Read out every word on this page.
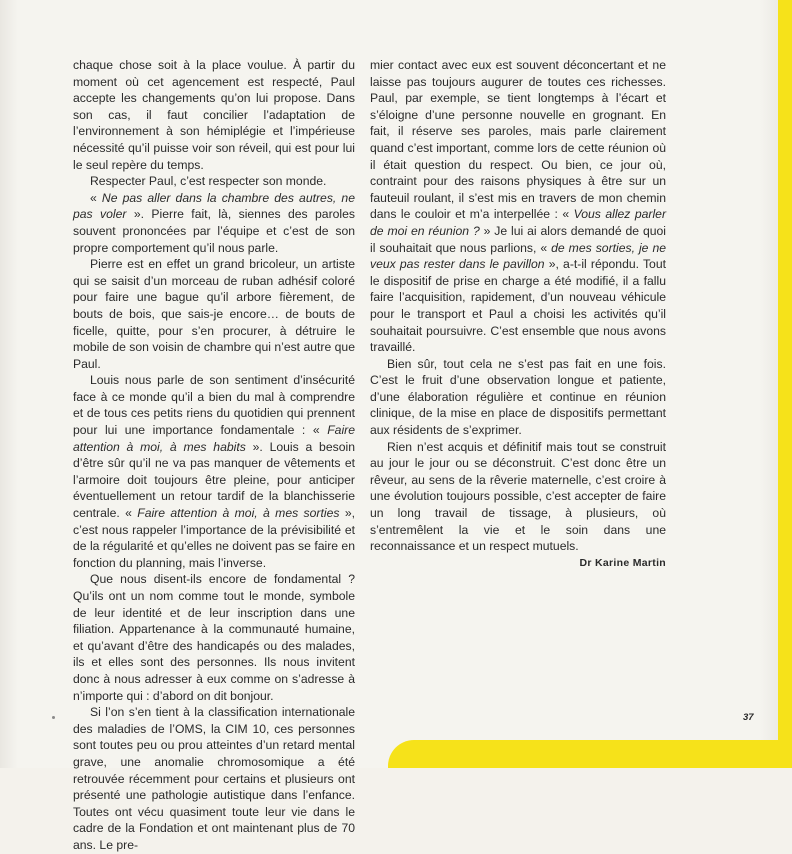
chaque chose soit à la place voulue. À partir du moment où cet agencement est respecté, Paul accepte les changements qu’on lui propose. Dans son cas, il faut concilier l’adaptation de l’environnement à son hémiplégie et l’impérieuse nécessité qu’il puisse voir son réveil, qui est pour lui le seul repère du temps.

Respecter Paul, c’est respecter son monde.

« Ne pas aller dans la chambre des autres, ne pas voler ». Pierre fait, là, siennes des paroles souvent prononcées par l’équipe et c’est de son propre comportement qu’il nous parle.

Pierre est en effet un grand bricoleur, un artiste qui se saisit d’un morceau de ruban adhésif coloré pour faire une bague qu’il arbore fièrement, de bouts de bois, que sais-je encore… de bouts de ficelle, quitte, pour s’en procurer, à détruire le mobile de son voisin de chambre qui n’est autre que Paul.

Louis nous parle de son sentiment d’insécurité face à ce monde qu’il a bien du mal à comprendre et de tous ces petits riens du quotidien qui prennent pour lui une importance fondamentale : « Faire attention à moi, à mes habits ». Louis a besoin d’être sûr qu’il ne va pas manquer de vêtements et l’armoire doit toujours être pleine, pour anticiper éventuellement un retour tardif de la blanchisserie centrale. « Faire attention à moi, à mes sorties », c’est nous rappeler l’importance de la prévisibilité et de la régularité et qu’elles ne doivent pas se faire en fonction du planning, mais l’inverse.

Que nous disent-ils encore de fondamental ? Qu’ils ont un nom comme tout le monde, symbole de leur identité et de leur inscription dans une filiation. Appartenance à la communauté humaine, et qu’avant d’être des handicapés ou des malades, ils et elles sont des personnes. Ils nous invitent donc à nous adresser à eux comme on s’adresse à n’importe qui : d’abord on dit bonjour.

Si l’on s’en tient à la classification internationale des maladies de l’OMS, la CIM 10, ces personnes sont toutes peu ou prou atteintes d’un retard mental grave, une anomalie chromosomique a été retrouvée récemment pour certains et plusieurs ont présenté une pathologie autistique dans l’enfance. Toutes ont vécu quasiment toute leur vie dans le cadre de la Fondation et ont maintenant plus de 70 ans. Le pre-

mier contact avec eux est souvent déconcertant et ne laisse pas toujours augurer de toutes ces richesses. Paul, par exemple, se tient longtemps à l’écart et s’éloigne d’une personne nouvelle en grognant. En fait, il réserve ses paroles, mais parle clairement quand c’est important, comme lors de cette réunion où il était question du respect. Ou bien, ce jour où, contraint pour des raisons physiques à être sur un fauteuil roulant, il s’est mis en travers de mon chemin dans le couloir et m’a interpellée : « Vous allez parler de moi en réunion ? » Je lui ai alors demandé de quoi il souhaitait que nous parlions, « de mes sorties, je ne veux pas rester dans le pavillon », a-t-il répondu. Tout le dispositif de prise en charge a été modifié, il a fallu faire l’acquisition, rapidement, d’un nouveau véhicule pour le transport et Paul a choisi les activités qu’il souhaitait poursuivre. C’est ensemble que nous avons travaillé.

Bien sûr, tout cela ne s’est pas fait en une fois. C’est le fruit d’une observation longue et patiente, d’une élaboration régulière et continue en réunion clinique, de la mise en place de dispositifs permettant aux résidents de s’exprimer.

Rien n’est acquis et définitif mais tout se construit au jour le jour ou se déconstruit. C’est donc être un rêveur, au sens de la rêverie maternelle, c’est croire à une évolution toujours possible, c’est accepter de faire un long travail de tissage, à plusieurs, où s’entremêlent la vie et le soin dans une reconnaissance et un respect mutuels.

Dr Karine Martin

37
